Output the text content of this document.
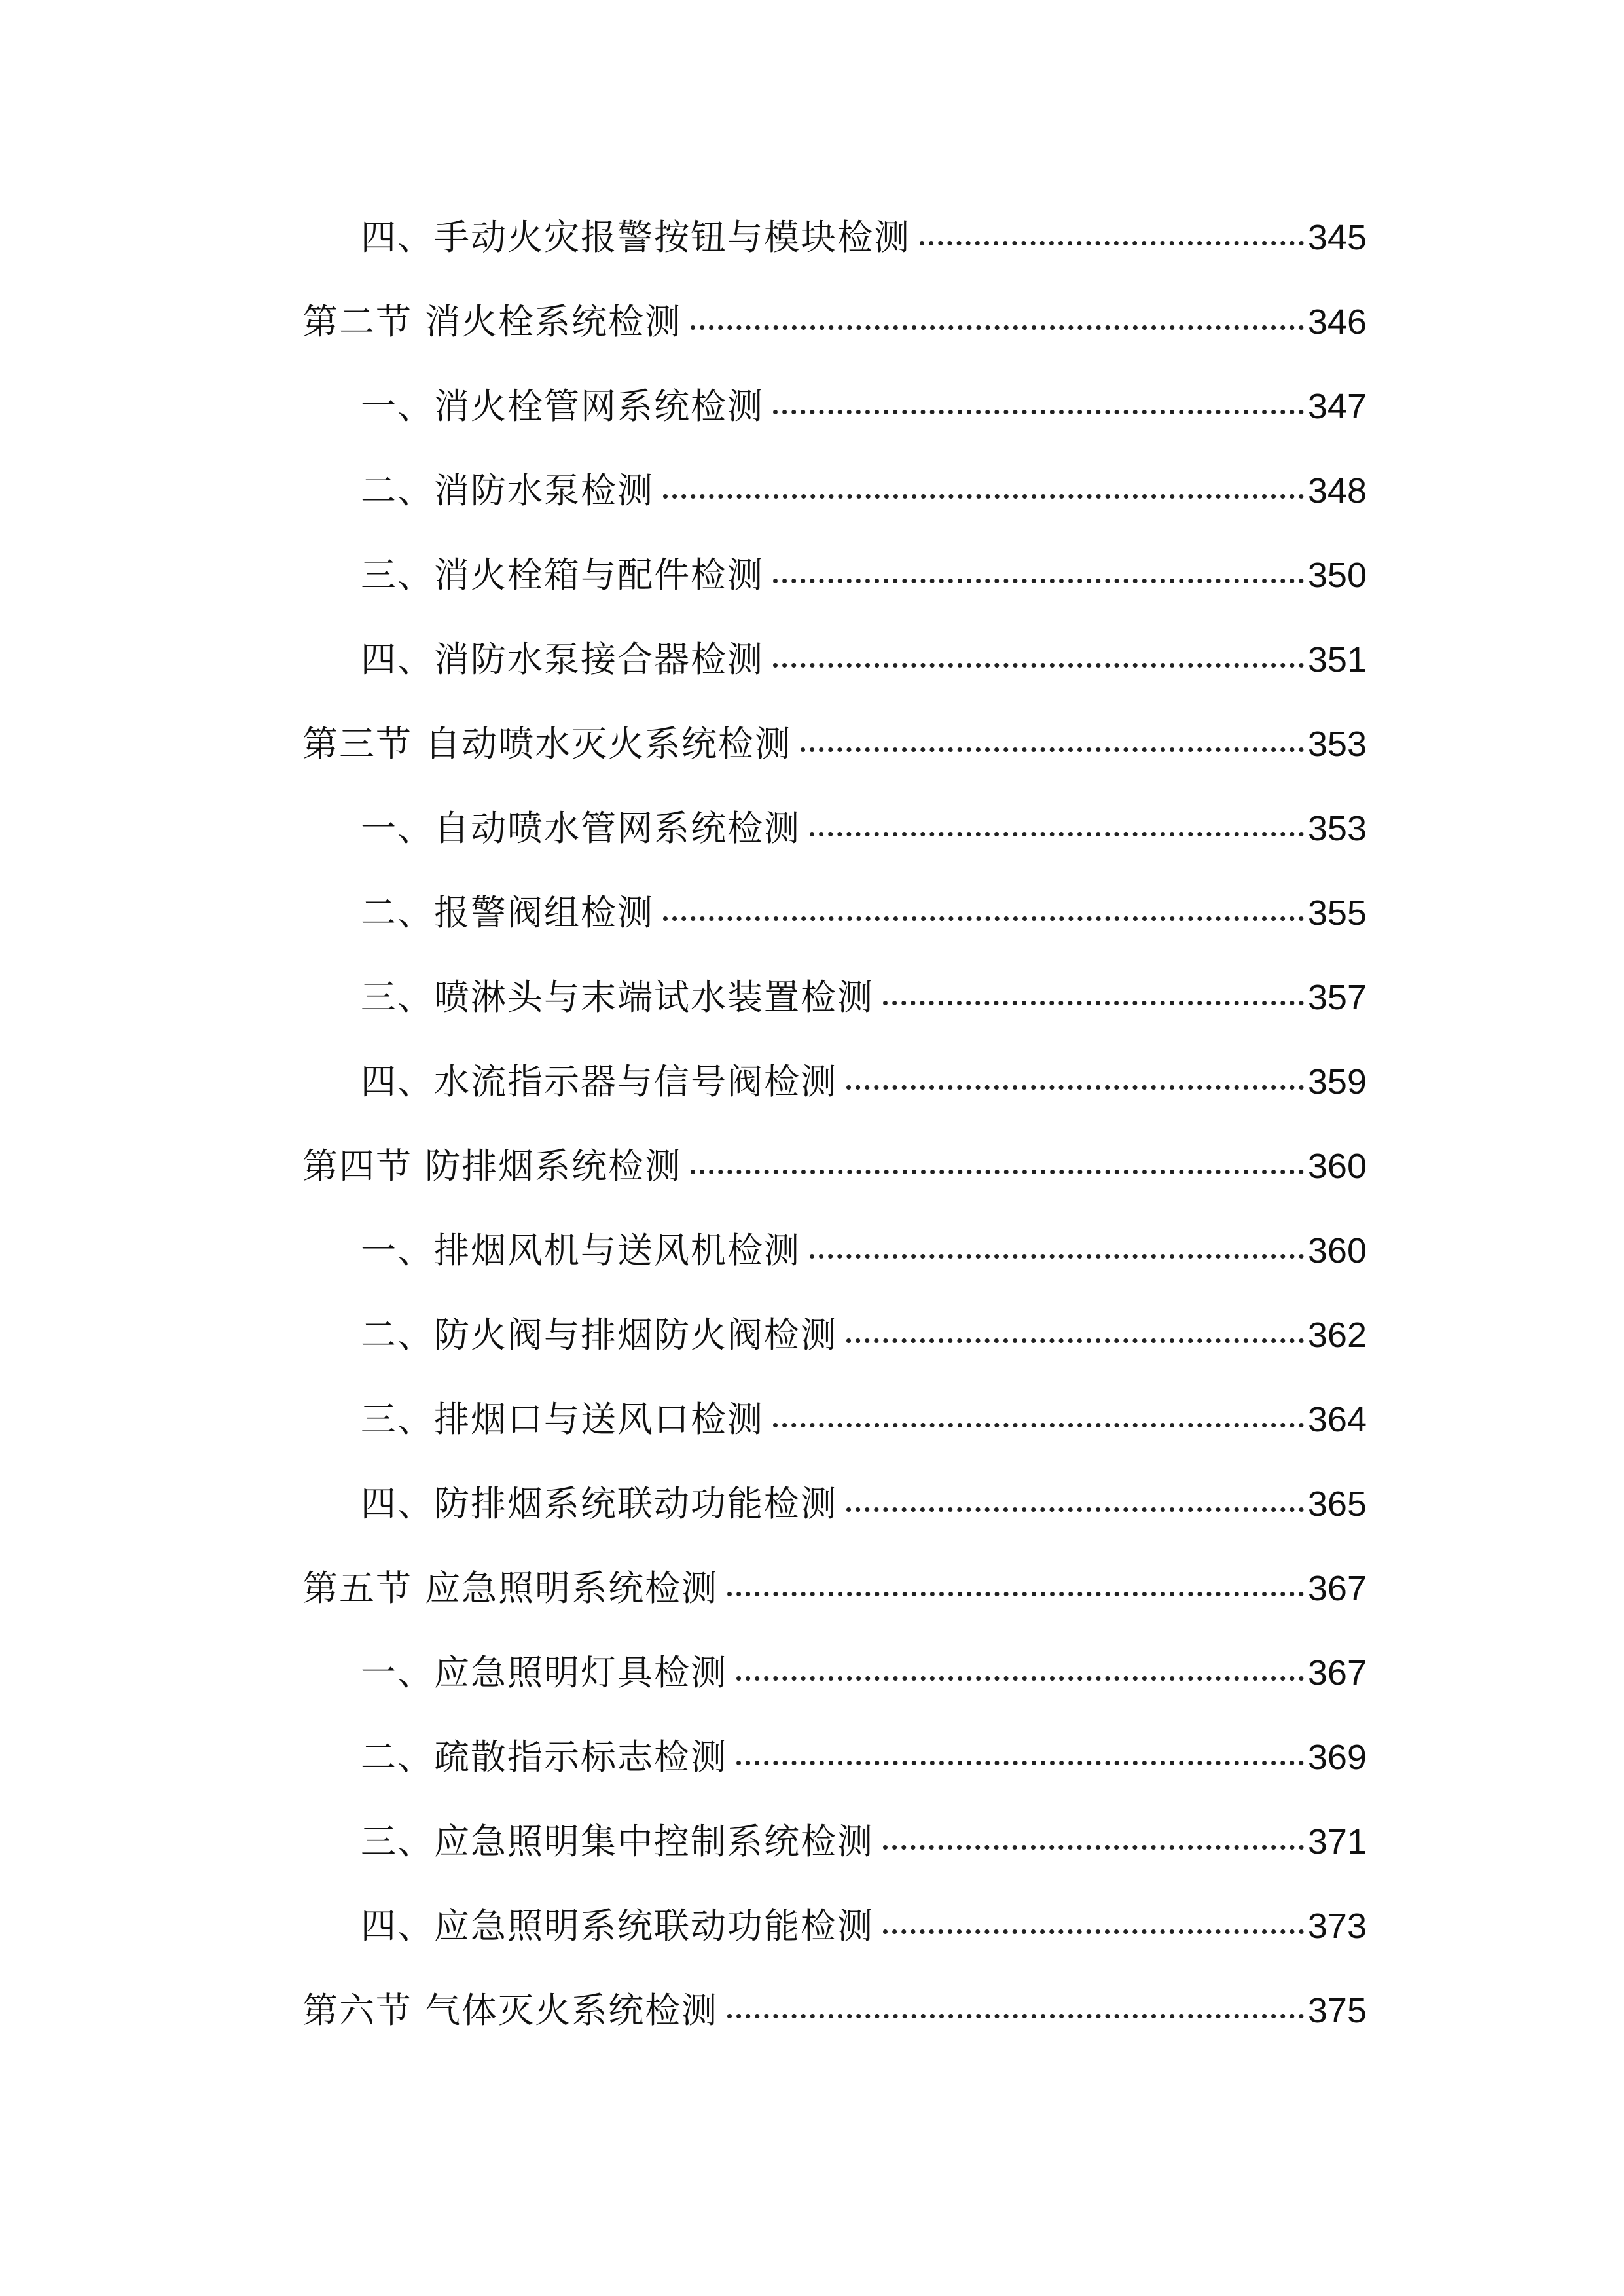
四、手动火灾报警按钮与模块检测	345
第二节 消火栓系统检测	346
一、消火栓管网系统检测	347
二、消防水泵检测	348
三、消火栓箱与配件检测	350
四、消防水泵接合器检测	351
第三节 自动喷水灭火系统检测	353
一、自动喷水管网系统检测	353
二、报警阀组检测	355
三、喷淋头与末端试水装置检测	357
四、水流指示器与信号阀检测	359
第四节 防排烟系统检测	360
一、排烟风机与送风机检测	360
二、防火阀与排烟防火阀检测	362
三、排烟口与送风口检测	364
四、防排烟系统联动功能检测	365
第五节 应急照明系统检测	367
一、应急照明灯具检测	367
二、疏散指示标志检测	369
三、应急照明集中控制系统检测	371
四、应急照明系统联动功能检测	373
第六节 气体灭火系统检测	375
